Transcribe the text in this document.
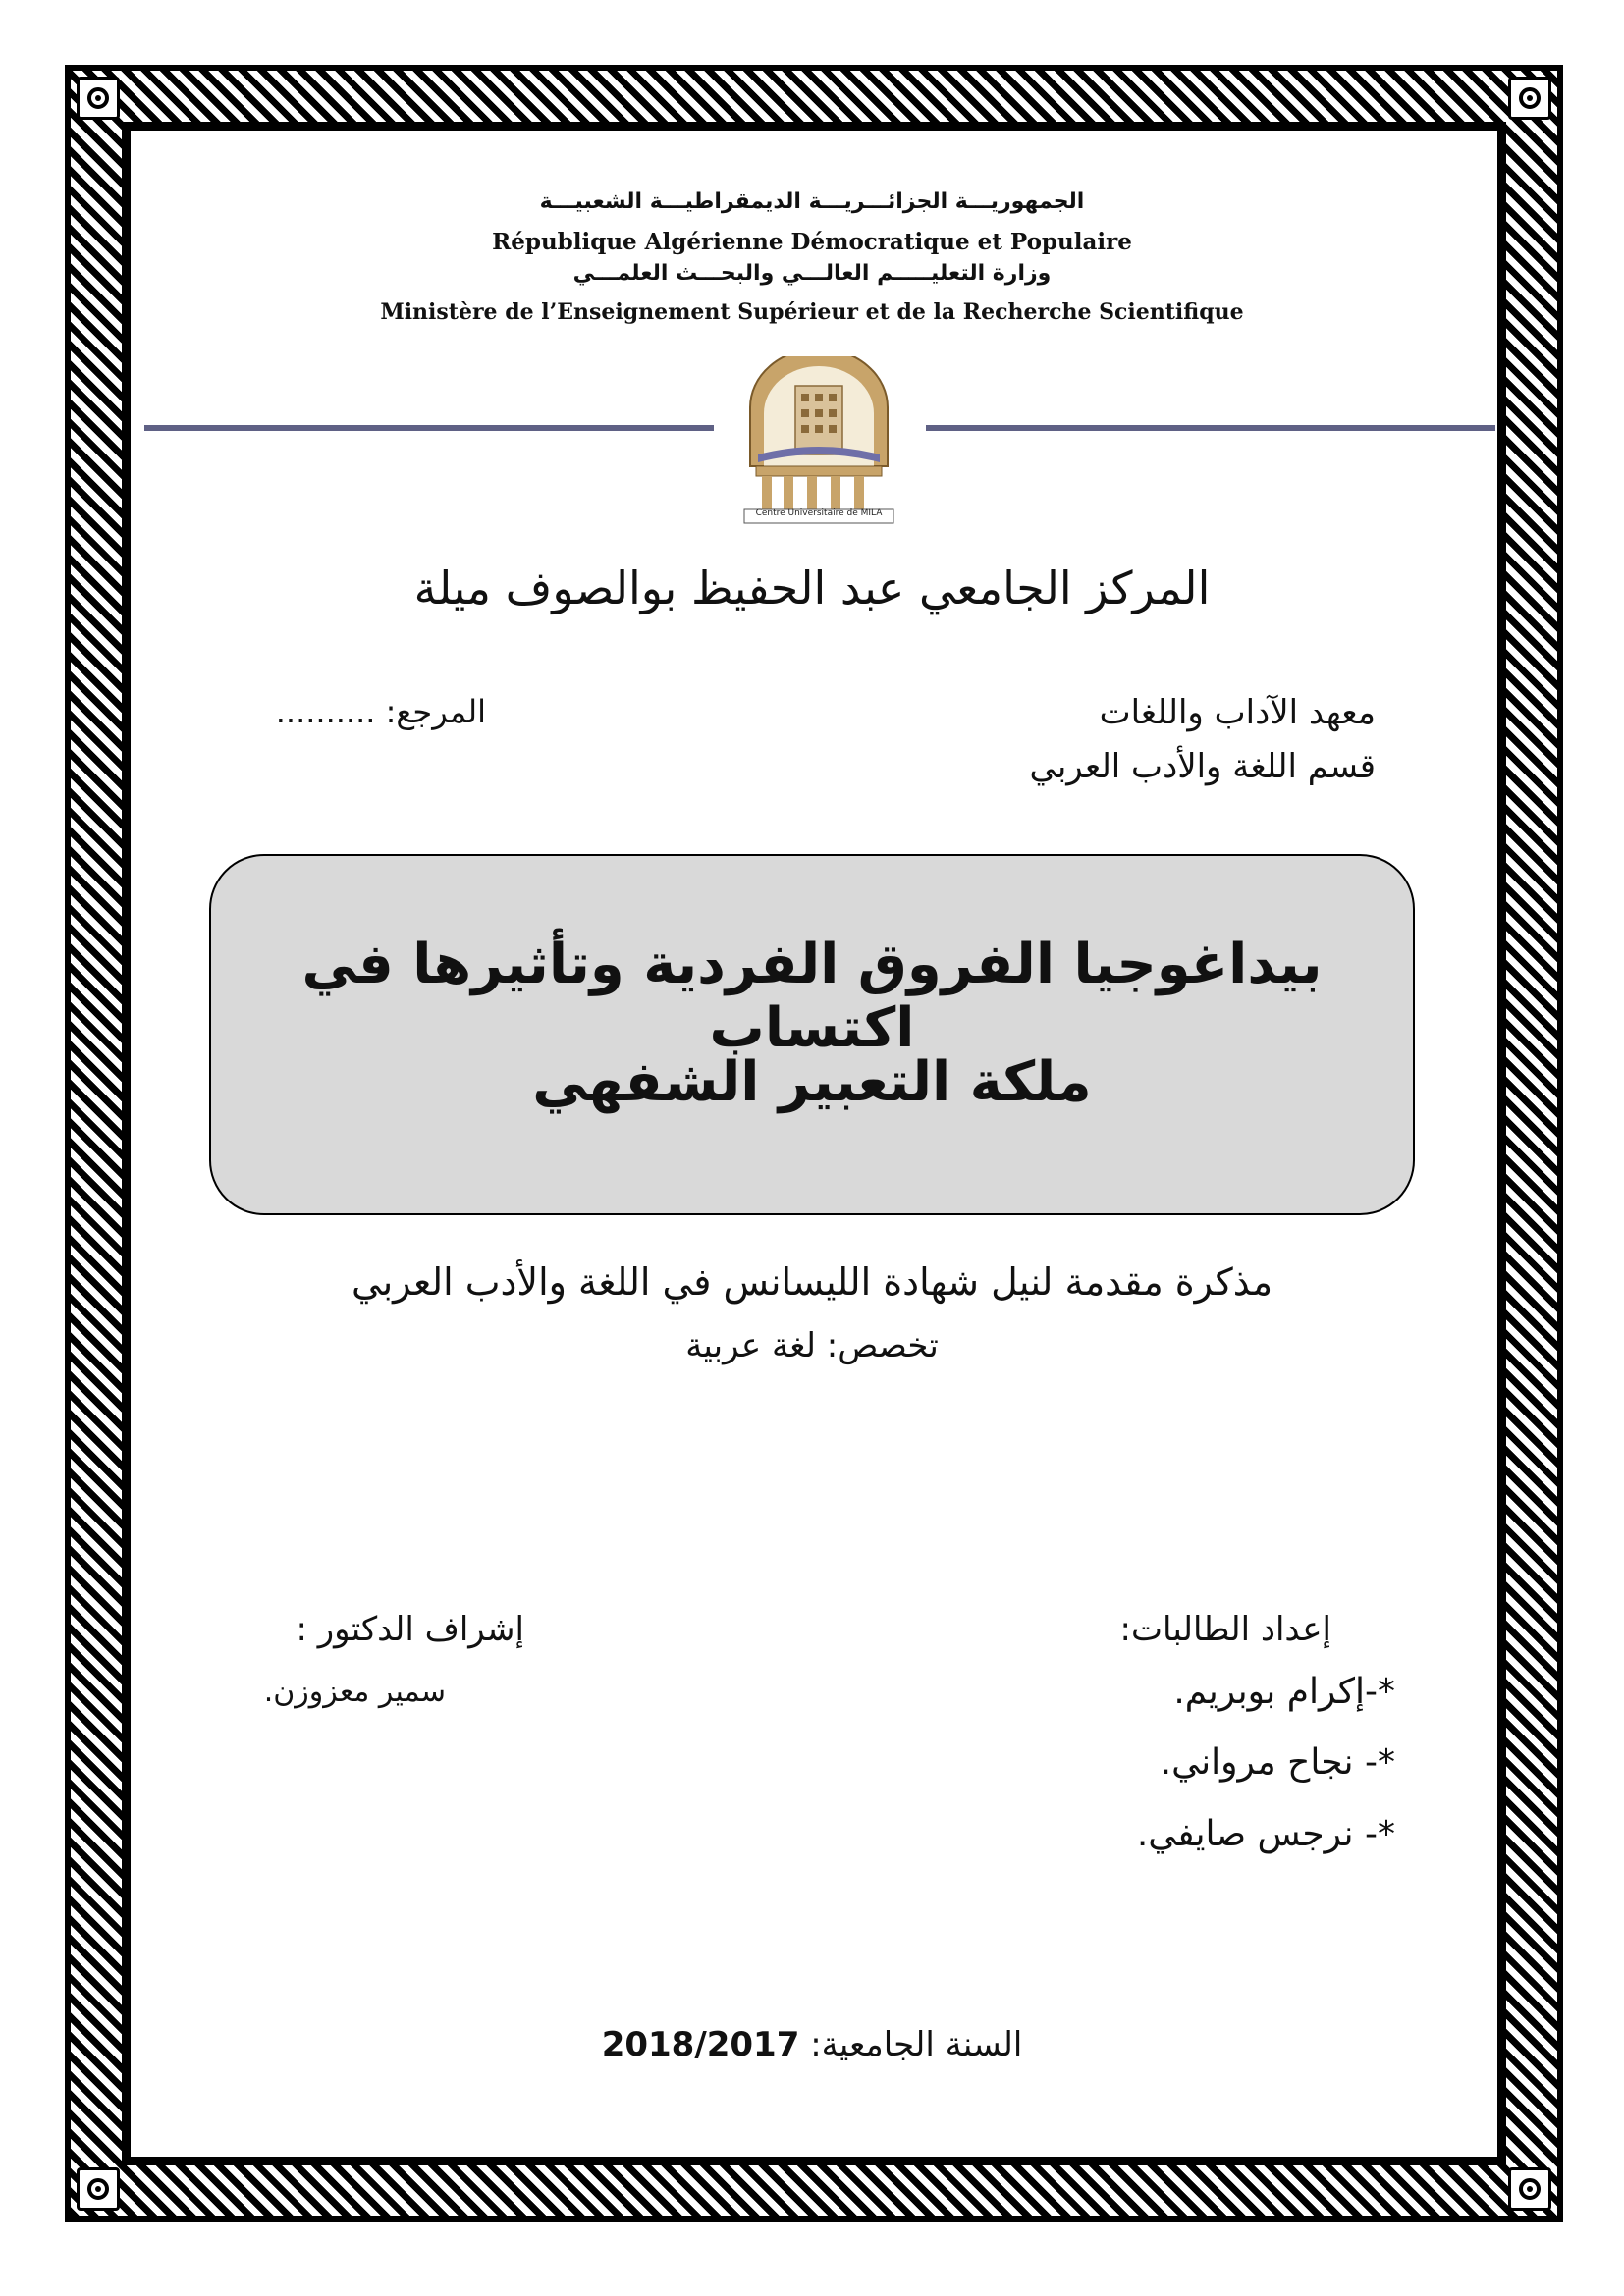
الجمهوريـــة الجزائـــريـــة الديمقراطيـــة الشعبيـــة
République Algérienne Démocratique et Populaire
وزارة التعليـــــم العالـــي والبحـــث العلمـــي
Ministère de l’Enseignement Supérieur et de la Recherche Scientifique
Centre Universitaire de MILA
المركز الجامعي عبد الحفيظ بوالصوف ميلة
معهد الآداب واللغات
قسم اللغة والأدب العربي
المرجع: ..........
بيداغوجيا الفروق الفردية وتأثيرها في اكتساب
ملكة التعبير الشفهي
مذكرة مقدمة لنيل شهادة الليسانس في اللغة والأدب العربي
تخصص: لغة عربية
إعداد الطالبات:
*-إكرام بوبريم.
*- نجاح مرواني.
*- نرجس صايفي.
إشراف الدكتور :
سمير معزوزن.
السنة الجامعية: 2018/2017
